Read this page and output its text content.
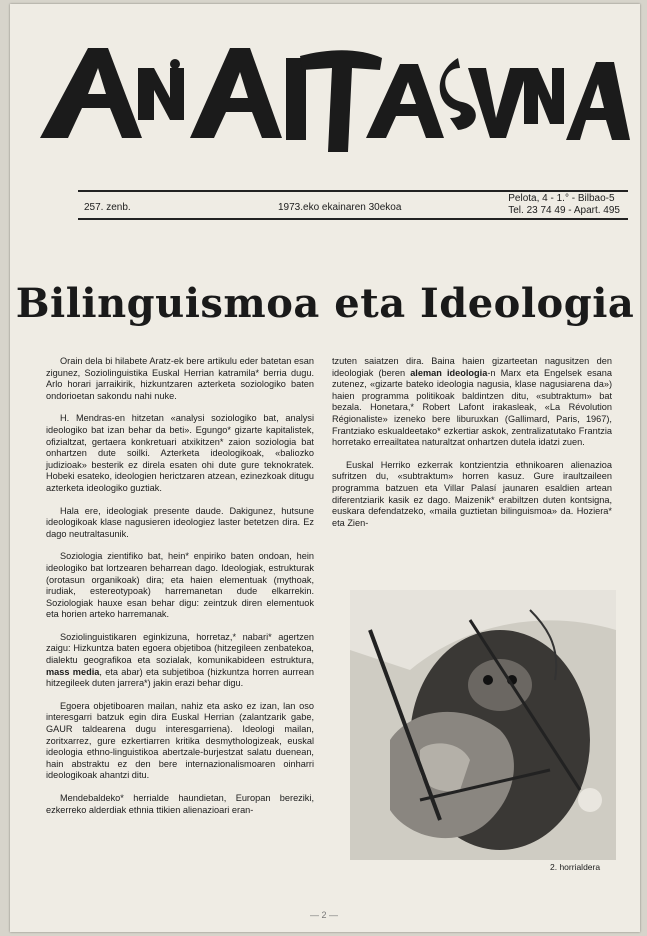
257. zenb.	1973.eko ekainaren 30ekoa
Pelota, 4 - 1.° - Bilbao-5
Tel. 23 74 49 - Apart. 495
Bilinguismoa eta Ideologia

Orain dela bi hilabete Aratz-ek bere artikulu eder batetan esan zigunez, Soziolinguistika Euskal Herrian katramila* berria dugu. Arlo horari jarraikirik, hizkuntzaren azterketa soziologiko baten ondorioetan sakondu nahi nuke.

H. Mendras-en hitzetan «analysi soziologiko bat, analysi ideologiko bat izan behar da beti». Egungo* gizarte kapitalistek, ofizialtzat, gertaera konkretuari atxikitzen* zaion soziologia bat onhartzen dute soilki. Azterketa ideologikoak, «baliozko judizioak» besterik ez direla esaten ohi dute gure teknokratek. Hobeki esateko, ideologien herictzaren atzean, ezinezkoak ditugu azterketa ideologiko guztiak.

Hala ere, ideologiak presente daude. Dakigunez, hutsune ideologikoak klase nagusieren ideologiez laster betetzen dira. Ez dago neutraltasunik.

Soziologia zientifiko bat, hein* enpiriko baten ondoan, hein ideologiko bat lortzearen beharrean dago. Ideologiak, estrukturak (orotasun organikoak) dira; eta haien elementuak (mythoak, irudiak, estereotypoak) harremanetan dude elkarrekin. Soziologiak hauxe esan behar digu: zeintzuk diren elementuok eta horien arteko harremanak.

Soziolinguistikaren eginkizuna, horretaz,* nabari* agertzen zaigu: Hizkuntza baten egoera objetiboa (hitzegileen zenbatekoa, dialektu geografikoa eta sozialak, komunikabideen estruktura, mass media, eta abar) eta subjetiboa (hizkuntza horren aurrean hitzegileek duten jarrera*) jakin erazi behar digu.

Egoera objetiboaren mailan, nahiz eta asko ez izan, lan oso interesgarri batzuk egin dira Euskal Herrian (zalantzarik gabe, GAUR taldearena dugu interesgarriena). Ideologi mailan, zoritxarrez, gure ezkertiarren kritika desmythologizeak, euskal ideologia ethno-linguistikoa abertzale-burjestzat salatu duenean, hain abstraktu ez den bere internazionalismoaren oinharri ideologikoak ahantzi ditu.

Mendebaldeko* herrialde haundietan, Europan bereziki, ezkerreko alderdiak ethnia ttikien alienazioari eran-

tzuten saiatzen dira. Baina haien gizarteetan nagusitzen den ideologiak (beren aleman ideologia-n Marx eta Engelsek esana zutenez, «gizarte bateko ideologia nagusia, klase nagusiarena da») haien programma politikoak baldintzen ditu, «subtraktum» bat bezala. Honetara,* Robert Lafont irakasleak, «La Révolution Régionaliste» izeneko bere liburuxkan (Gallimard, Paris, 1967), Frantziako eskualdeetako* ezkertiar askok, zentralizatutako Frantzia horretako erreailtatea naturaltzat onhartzen dutela idatzi zuen.

Euskal Herriko ezkerrak kontzientzia ethnikoaren alienazioa sufritzen du, «subtraktum» horren kasuz. Gure iraultzaileen programma batzuen eta Villar Palasí jaunaren esaldien artean diferentziarik kasik ez dago. Maizenik* erabiltzen duten kontsigna, euskara defendatzeko, «maila guztietan bilinguismoa» da. Hoziera* eta Zien-

2. horrialdera
— 2 —
